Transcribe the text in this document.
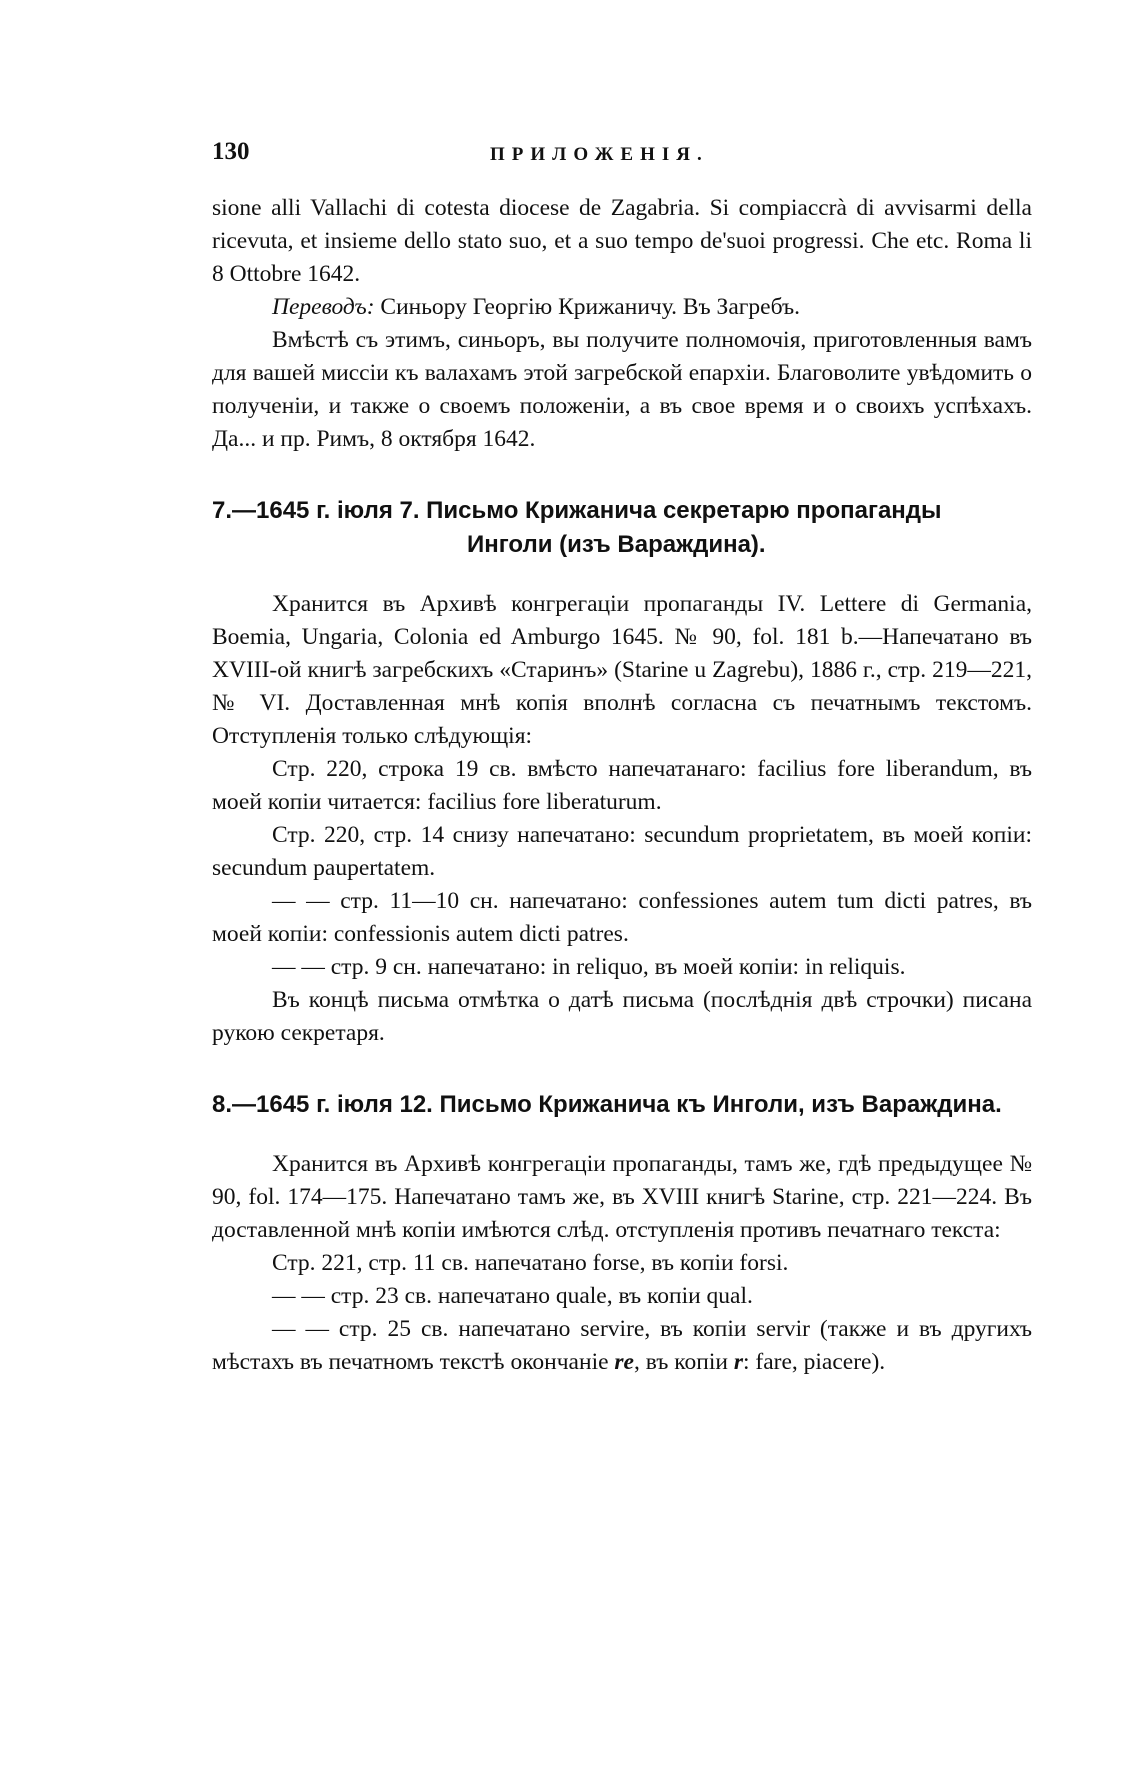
130	ПРИЛОЖЕНІЯ.

sione alli Vallachi di cotesta diocese de Zagabria. Si compiaccrà di avvisarmi della ricevuta, et insieme dello stato suo, et a suo tempo de'suoi progressi. Che etc. Roma li 8 Ottobre 1642.

Переводъ: Синьору Георгію Крижаничу. Въ Загребъ.

Вмѣстѣ съ этимъ, синьоръ, вы получите полномочія, приготовленныя вамъ для вашей миссіи къ валахамъ этой загребской епархіи. Благоволите увѣдомить о полученіи, и также о своемъ положеніи, а въ свое время и о своихъ успѣхахъ. Да... и пр. Римъ, 8 октября 1642.

7.—1645 г. іюля 7. Письмо Крижанича секретарю пропаганды
Инголи (изъ Вараждина).

Хранится въ Архивѣ конгрегаціи пропаганды IV. Lettere di Germania, Boemia, Ungaria, Colonia ed Amburgo 1645. № 90, fol. 181 b.—Напечатано въ XVIII-ой книгѣ загребскихъ «Старинъ» (Starine u Zagrebu), 1886 г., стр. 219—221, № VI. Доставленная мнѣ копія вполнѣ согласна съ печатнымъ текстомъ. Отступленія только слѣдующія:

Стр. 220, строка 19 св. вмѣсто напечатанаго: facilius fore liberandum, въ моей копіи читается: facilius fore liberaturum.

Стр. 220, стр. 14 снизу напечатано: secundum proprietatem, въ моей копіи: secundum paupertatem.

— — стр. 11—10 сн. напечатано: confessiones autem tum dicti patres, въ моей копіи: confessionis autem dicti patres.

— — стр. 9 сн. напечатано: in reliquo, въ моей копіи: in reliquis.

Въ концѣ письма отмѣтка о датѣ письма (послѣднія двѣ строчки) писана рукою секретаря.

8.—1645 г. іюля 12. Письмо Крижанича къ Инголи, изъ Вараждина.

Хранится въ Архивѣ конгрегаціи пропаганды, тамъ же, гдѣ предыдущее № 90, fol. 174—175. Напечатано тамъ же, въ XVIII книгѣ Starine, стр. 221—224. Въ доставленной мнѣ копіи имѣются слѣд. отступленія противъ печатнаго текста:

Стр. 221, стр. 11 св. напечатано forse, въ копіи forsi.

— — стр. 23 св. напечатано quale, въ копіи qual.

— — стр. 25 св. напечатано servire, въ копіи servir (также и въ другихъ мѣстахъ въ печатномъ текстѣ окончаніе re, въ копіи r: fare, piacere).
